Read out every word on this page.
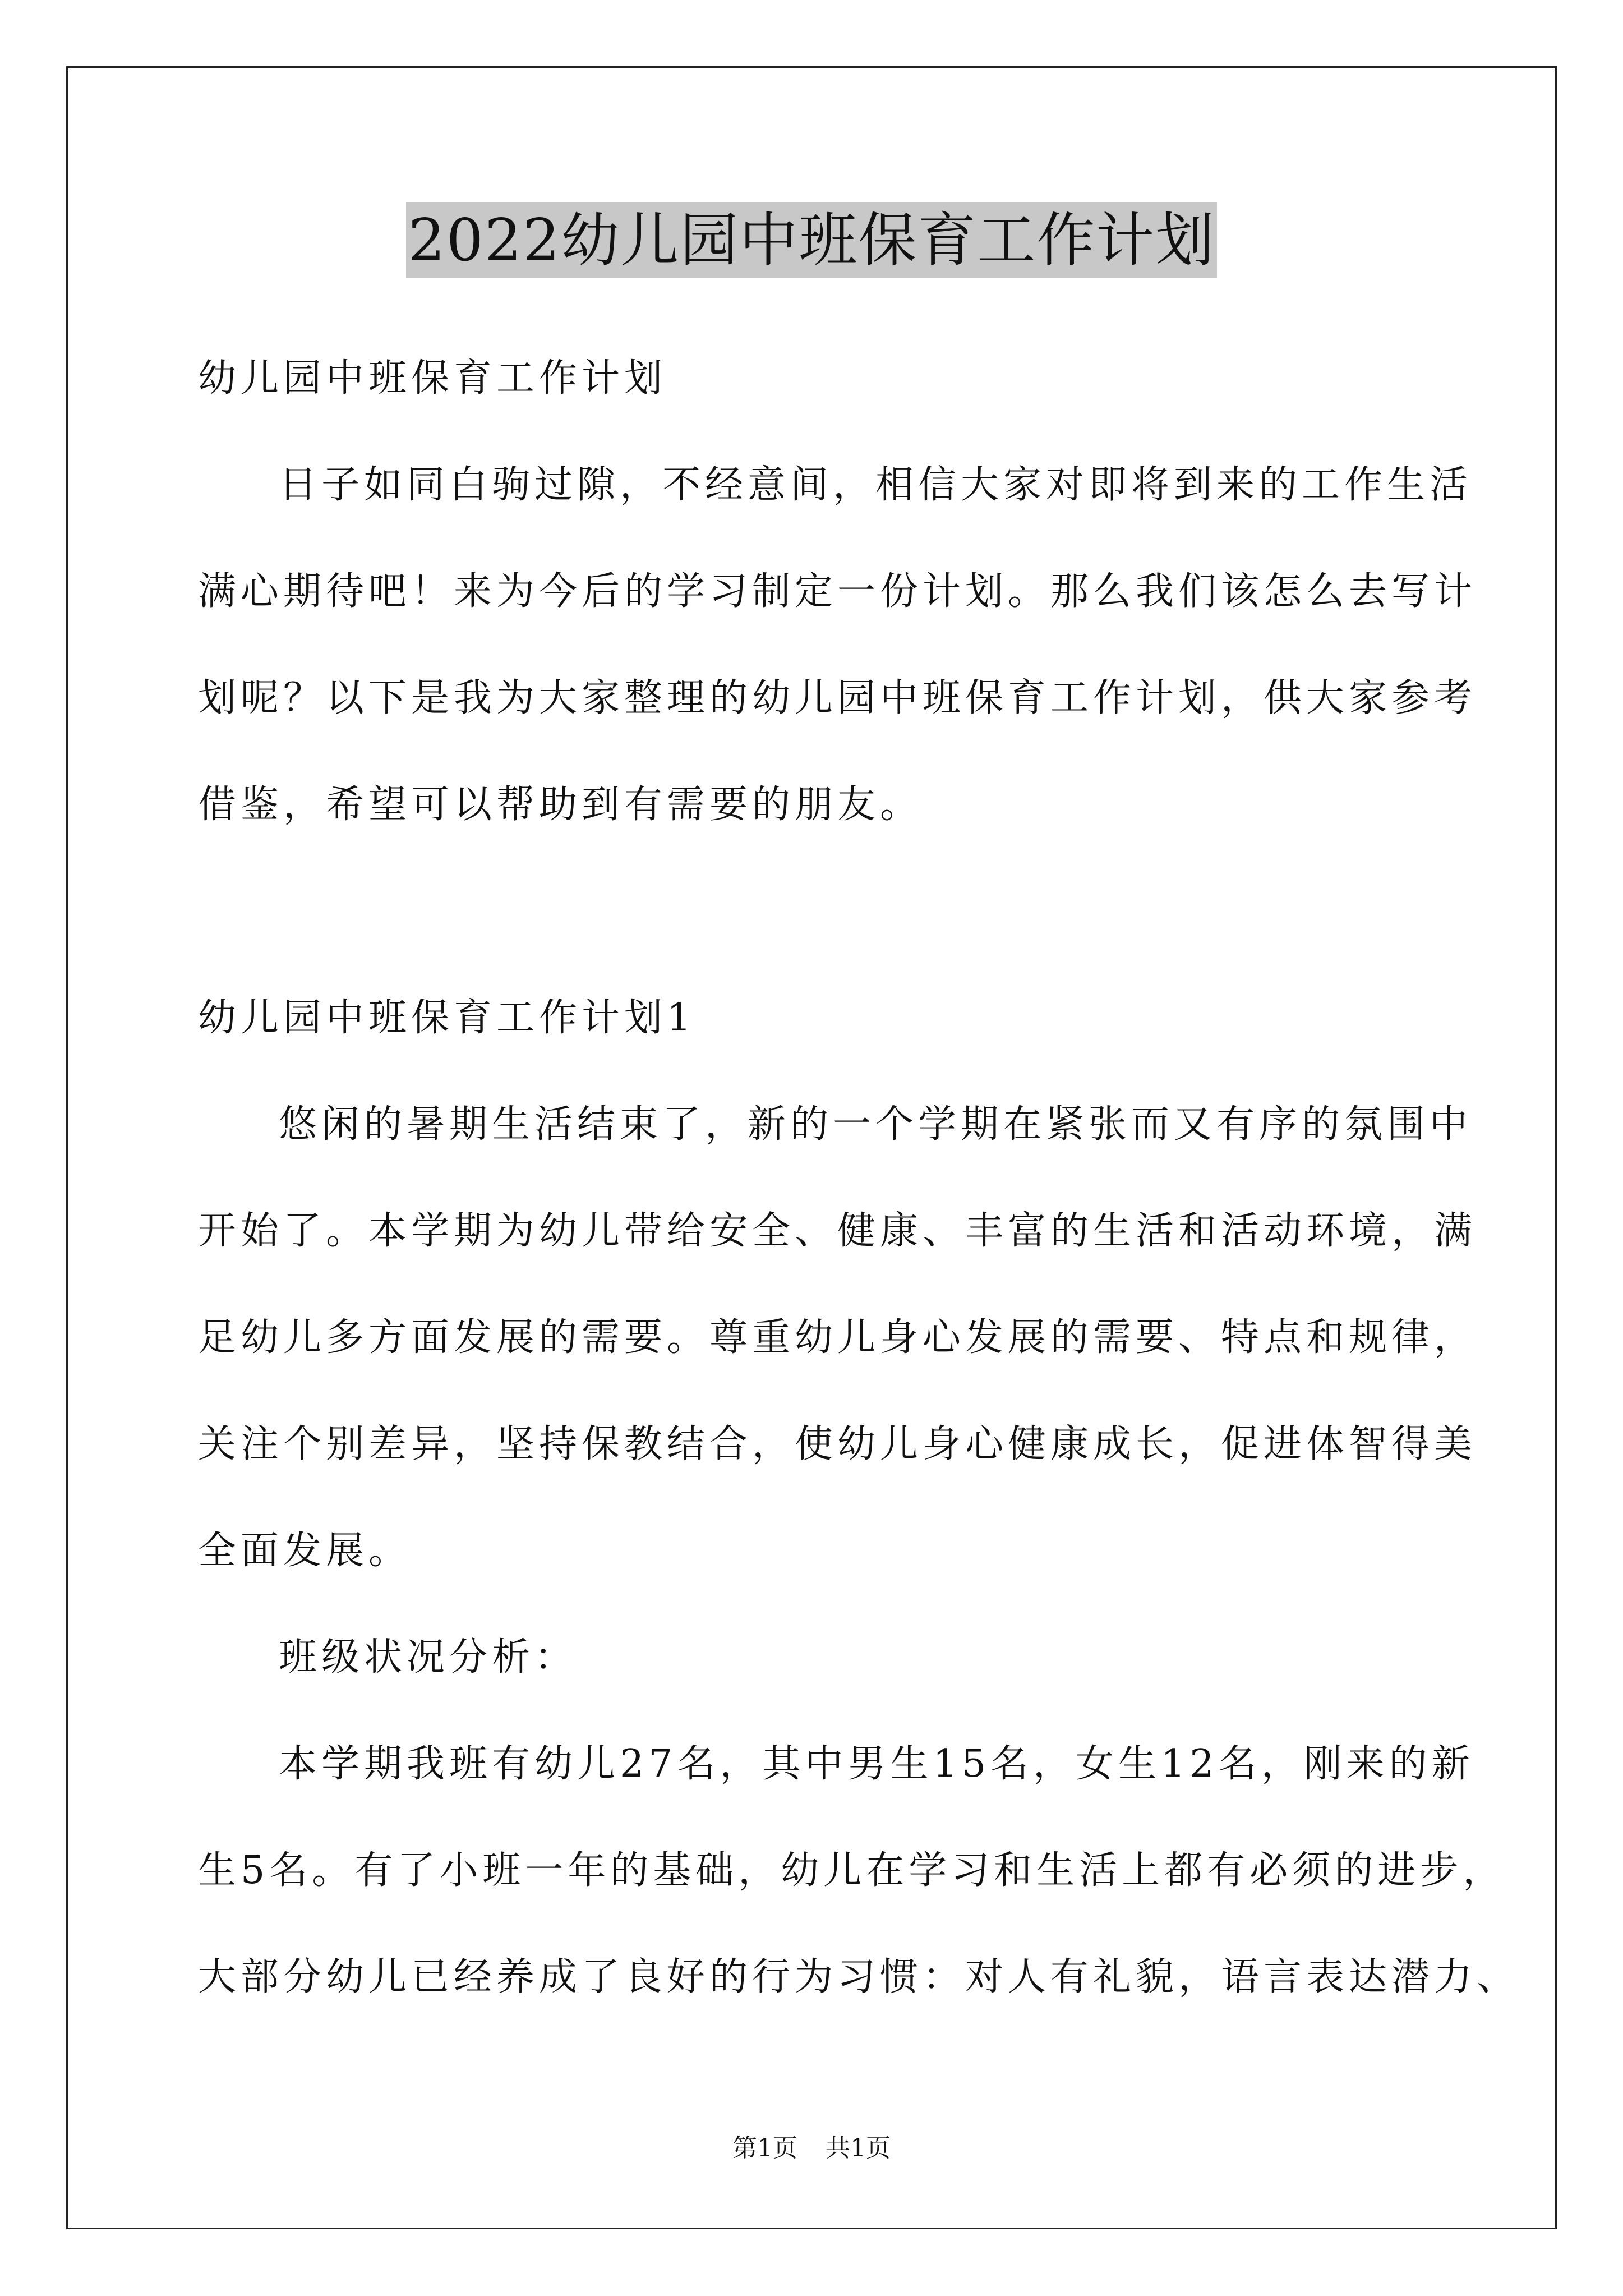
2022幼儿园中班保育工作计划
幼儿园中班保育工作计划
日子如同白驹过隙，不经意间，相信大家对即将到来的工作生活
满心期待吧！来为今后的学习制定一份计划。那么我们该怎么去写计
划呢？以下是我为大家整理的幼儿园中班保育工作计划，供大家参考
借鉴，希望可以帮助到有需要的朋友。
幼儿园中班保育工作计划1
悠闲的暑期生活结束了，新的一个学期在紧张而又有序的氛围中
开始了。本学期为幼儿带给安全、健康、丰富的生活和活动环境，满
足幼儿多方面发展的需要。尊重幼儿身心发展的需要、特点和规律，
关注个别差异，坚持保教结合，使幼儿身心健康成长，促进体智得美
全面发展。
班级状况分析：
本学期我班有幼儿27名，其中男生15名，女生12名，刚来的新
生5名。有了小班一年的基础，幼儿在学习和生活上都有必须的进步，
大部分幼儿已经养成了良好的行为习惯：对人有礼貌，语言表达潜力、
第1页 共1页
